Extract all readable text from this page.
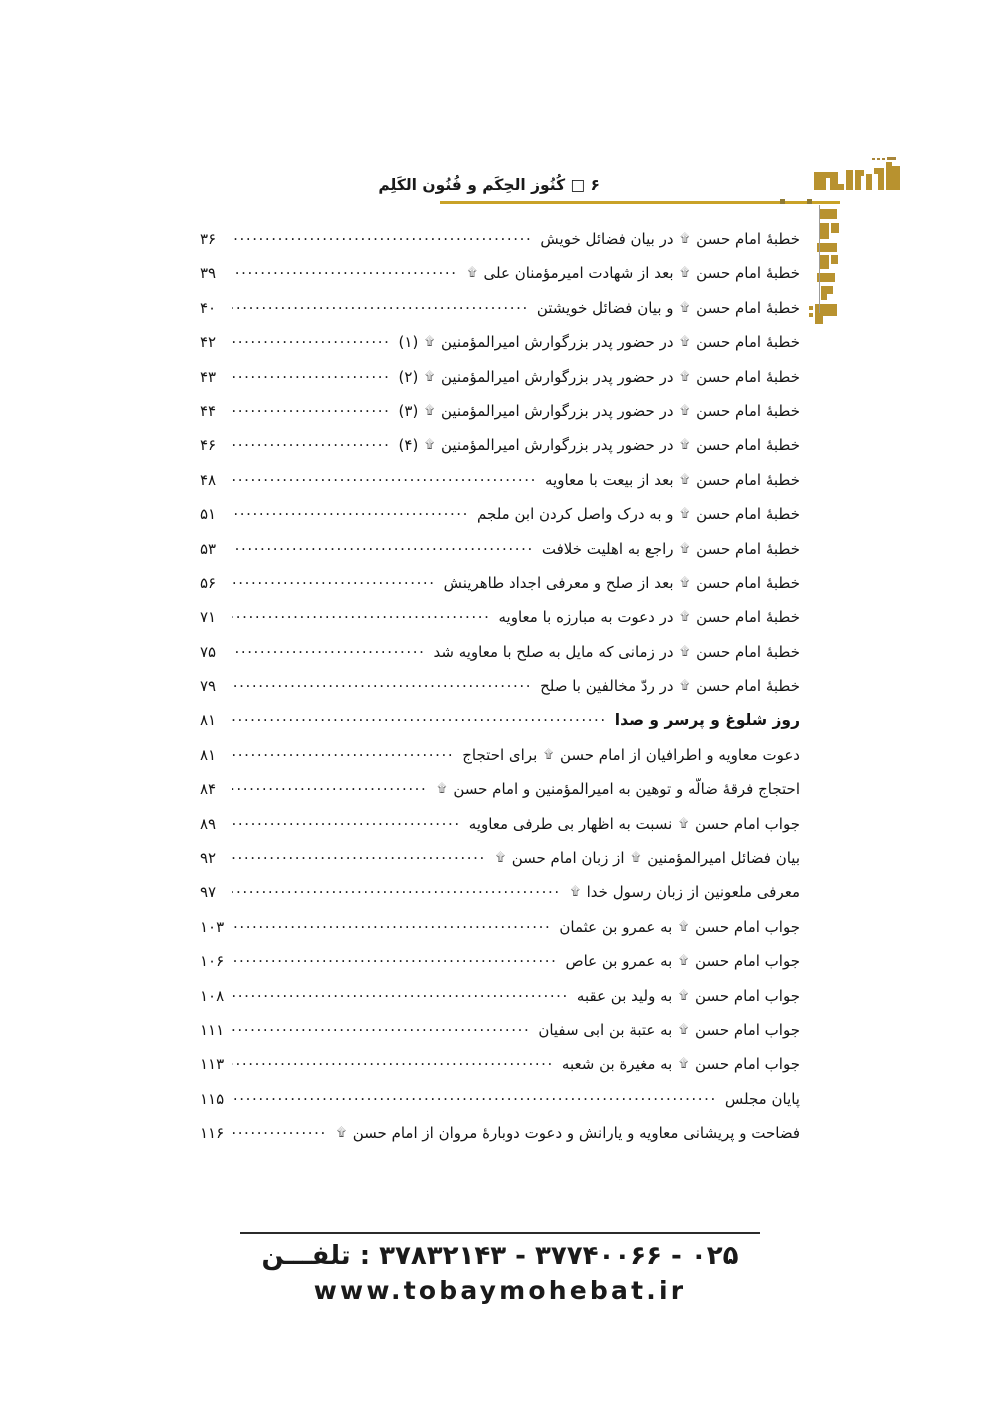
۶ □ کُنُوز الحِکَم و فُنُون الکَلِم
خطبهٔ امام حسن ۩ در بیان فضائل خویش
.....
۳۶
خطبهٔ امام حسن ۩ بعد از شهادت امیرمؤمنان علی ۩
.....
۳۹
خطبهٔ امام حسن ۩ و بیان فضائل خویشتن
.....
۴۰
خطبهٔ امام حسن ۩ در حضور پدر بزرگوارش امیرالمؤمنین ۩ (۱)
.....
۴۲
خطبهٔ امام حسن ۩ در حضور پدر بزرگوارش امیرالمؤمنین ۩ (۲)
.....
۴۳
خطبهٔ امام حسن ۩ در حضور پدر بزرگوارش امیرالمؤمنین ۩ (۳)
.....
۴۴
خطبهٔ امام حسن ۩ در حضور پدر بزرگوارش امیرالمؤمنین ۩ (۴)
.....
۴۶
خطبهٔ امام حسن ۩ بعد از بیعت با معاویه
.....
۴۸
خطبهٔ امام حسن ۩ و به درک واصل کردن ابن ملجم
.....
۵۱
خطبهٔ امام حسن ۩ راجع به اهلیت خلافت
.....
۵۳
خطبهٔ امام حسن ۩ بعد از صلح و معرفی اجداد طاهرینش
.....
۵۶
خطبهٔ امام حسن ۩ در دعوت به مبارزه با معاویه
.....
۷۱
خطبهٔ امام حسن ۩ در زمانی که مایل به صلح با معاویه شد
.....
۷۵
خطبهٔ امام حسن ۩ در ردّ مخالفین با صلح
.....
۷۹
روز شلوغ و پرسر و صدا
.....
۸۱
دعوت معاویه و اطرافیان از امام حسن ۩ برای احتجاج
.....
۸۱
احتجاج فرقهٔ ضالّه و توهین به امیرالمؤمنین و امام حسن ۩
.....
۸۴
جواب امام حسن ۩ نسبت به اظهار بی طرفی معاویه
.....
۸۹
بیان فضائل امیرالمؤمنین ۩ از زبان امام حسن ۩
.....
۹۲
معرفی ملعونین از زبان رسول خدا ۩
.....
۹۷
جواب امام حسن ۩ به عمرو بن عثمان
.....
۱۰۳
جواب امام حسن ۩ به عمرو بن عاص
.....
۱۰۶
جواب امام حسن ۩ به ولید بن عقبه
.....
۱۰۸
جواب امام حسن ۩ به عتبة بن ابی سفیان
.....
۱۱۱
جواب امام حسن ۩ به مغیرة بن شعبه
.....
۱۱۳
پایان مجلس
.....
۱۱۵
فضاحت و پریشانی معاویه و یارانش و دعوت دوبارهٔ مروان از امام حسن ۩
.....
۱۱۶
۰۲۵ - ۳۷۷۴۰۰۶۶ - ۳۷۸۳۲۱۴۳ : تلفـــن
www.tobaymohebat.ir
